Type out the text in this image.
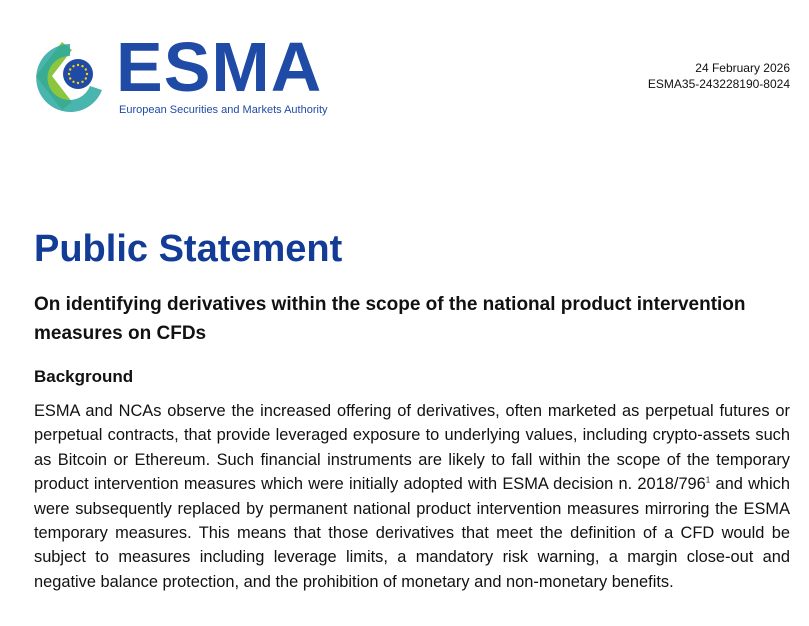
ESMA
European Securities and Markets Authority
24 February 2026
ESMA35-243228190-8024
Public Statement
On identifying derivatives within the scope of the national product intervention measures on CFDs
Background
ESMA and NCAs observe the increased offering of derivatives, often marketed as perpetual futures or perpetual contracts, that provide leveraged exposure to underlying values, including crypto-assets such as Bitcoin or Ethereum. Such financial instruments are likely to fall within the scope of the temporary product intervention measures which were initially adopted with ESMA decision n. $2018/796^1$ and which were subsequently replaced by permanent national product intervention measures mirroring the ESMA temporary measures. This means that those derivatives that meet the definition of a CFD would be subject to measures including leverage limits, a mandatory risk warning, a margin close-out and negative balance protection, and the prohibition of monetary and non-monetary benefits.
